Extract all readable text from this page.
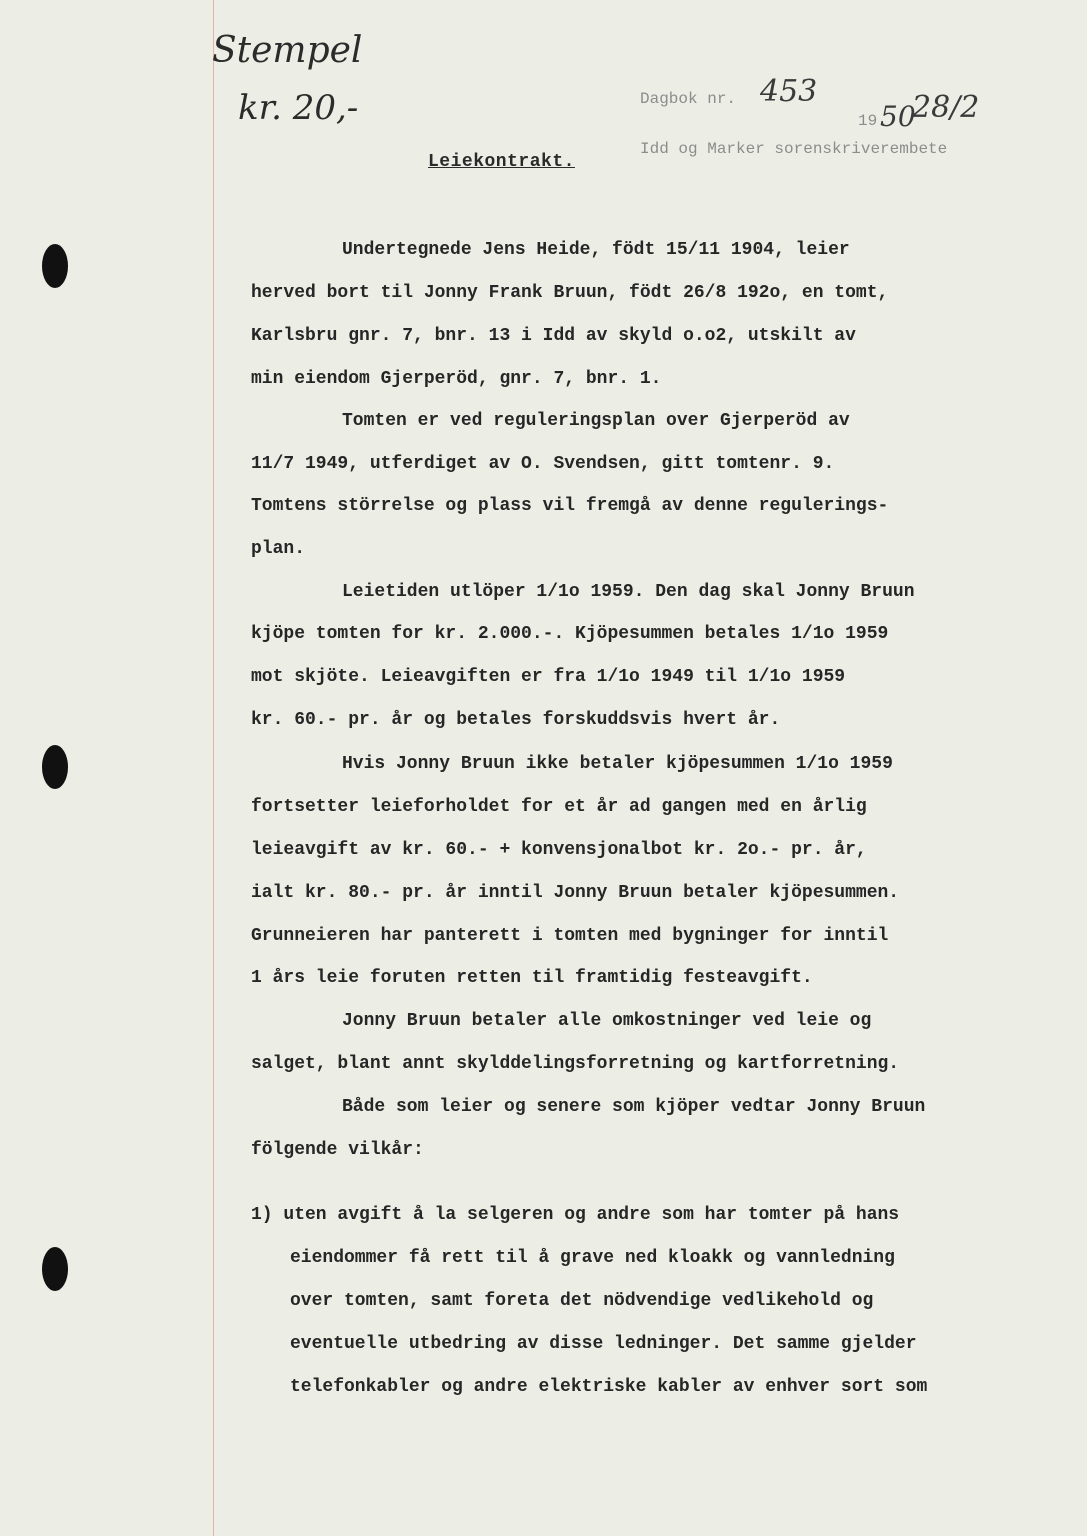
Stempel
kr. 20,-	Dagbok nr. 453
19 50
28/2
Idd og Marker sorenskriverembete
Leiekontrakt.
Undertegnede Jens Heide, födt 15/11 1904, leier
herved bort til Jonny Frank Bruun, födt 26/8 192o, en tomt,
Karlsbru gnr. 7, bnr. 13 i Idd av skyld o.o2, utskilt av
min eiendom Gjerperöd, gnr. 7, bnr. 1.
Tomten er ved reguleringsplan over Gjerperöd av
11/7 1949, utferdiget av O. Svendsen, gitt tomtenr. 9.
Tomtens störrelse og plass vil fremgå av denne regulerings-
plan.
Leietiden utlöper 1/1o 1959. Den dag skal Jonny Bruun
kjöpe tomten for kr. 2.000.-. Kjöpesummen betales 1/1o 1959
mot skjöte. Leieavgiften er fra 1/1o 1949 til 1/1o 1959
kr. 60.- pr. år og betales forskuddsvis hvert år.
Hvis Jonny Bruun ikke betaler kjöpesummen 1/1o 1959
fortsetter leieforholdet for et år ad gangen med en årlig
leieavgift av kr. 60.- + konvensjonalbot kr. 2o.- pr. år,
ialt kr. 80.- pr. år inntil Jonny Bruun betaler kjöpesummen.
Grunneieren har panterett i tomten med bygninger for inntil
1 års leie foruten retten til framtidig festeavgift.
Jonny Bruun betaler alle omkostninger ved leie og
salget, blant annt skylddelingsforretning og kartforretning.
Både som leier og senere som kjöper vedtar Jonny Bruun
fölgende vilkår:
1) uten avgift å la selgeren og andre som har tomter på hans
eiendommer få rett til å grave ned kloakk og vannledning
over tomten, samt foreta det nödvendige vedlikehold og
eventuelle utbedring av disse ledninger. Det samme gjelder
telefonkabler og andre elektriske kabler av enhver sort som
